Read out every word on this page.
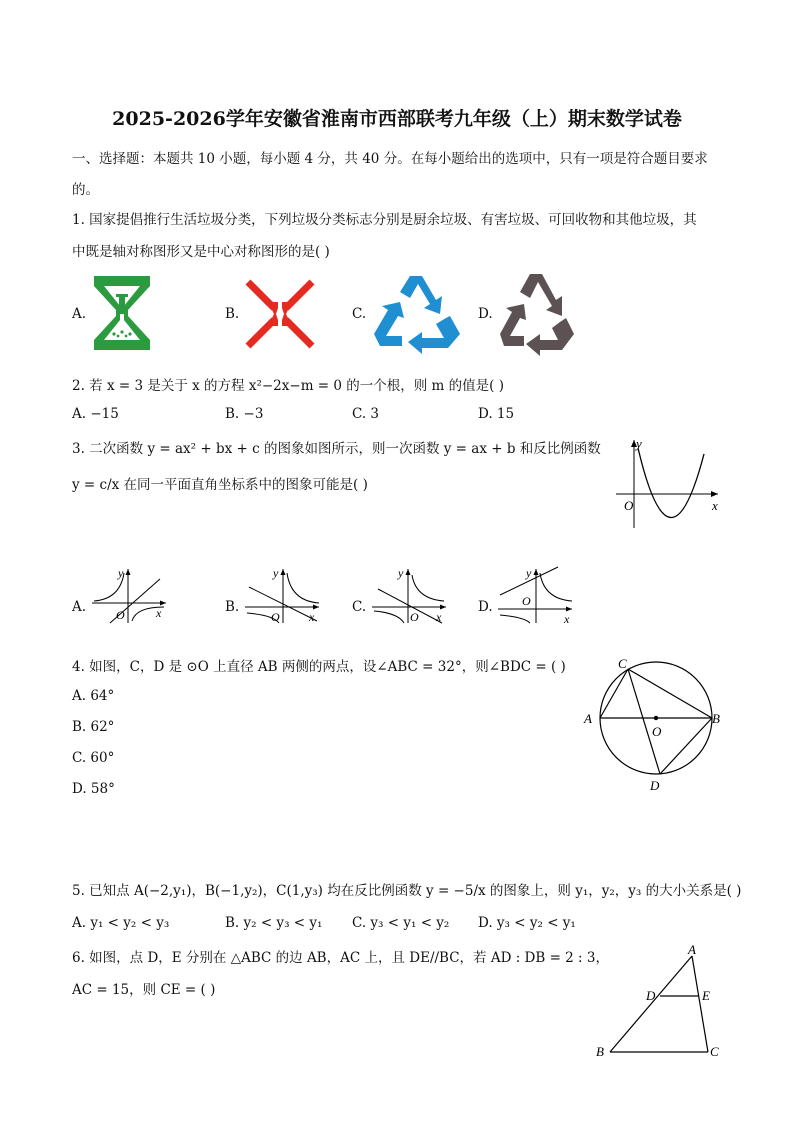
2025-2026学年安徽省淮南市西部联考九年级（上）期末数学试卷
一、选择题：本题共 10 小题，每小题 4 分，共 40 分。在每小题给出的选项中，只有一项是符合题目要求
的。
1. 国家提倡推行生活垃圾分类，下列垃圾分类标志分别是厨余垃圾、有害垃圾、可回收物和其他垃圾，其
中既是轴对称图形又是中心对称图形的是( )
A.	B.	C.	D.
2. 若 x = 3 是关于 x 的方程 x²−2x−m = 0 的一个根，则 m 的值是( )
A. −15	B. −3	C. 3	D. 15
3. 二次函数 y = ax² + bx + c 的图象如图所示，则一次函数 y = ax + b 和反比例函数
y = c/x 在同一平面直角坐标系中的图象可能是( )
y
x
O
A.
y
x
O	B.
y
x
O
C.
y
x
O
D.
y
x
O
4. 如图，C，D 是 ⊙O 上直径 AB 两侧的两点，设∠ABC = 32°，则∠BDC = ( )
A. 64°
B. 62°
C. 60°
D. 58°
C
A	B
O
D
5. 已知点 A(−2,y₁)，B(−1,y₂)，C(1,y₃) 均在反比例函数 y = −5/x 的图象上，则 y₁，y₂，y₃ 的大小关系是( )
A. y₁ < y₂ < y₃	B. y₂ < y₃ < y₁ C. y₃ < y₁ < y₂ D. y₃ < y₂ < y₁
6. 如图，点 D，E 分别在 △ABC 的边 AB，AC 上，且 DE//BC，若 AD : DB = 2 : 3，
AC = 15，则 CE = ( )
A
D	E
B	C
